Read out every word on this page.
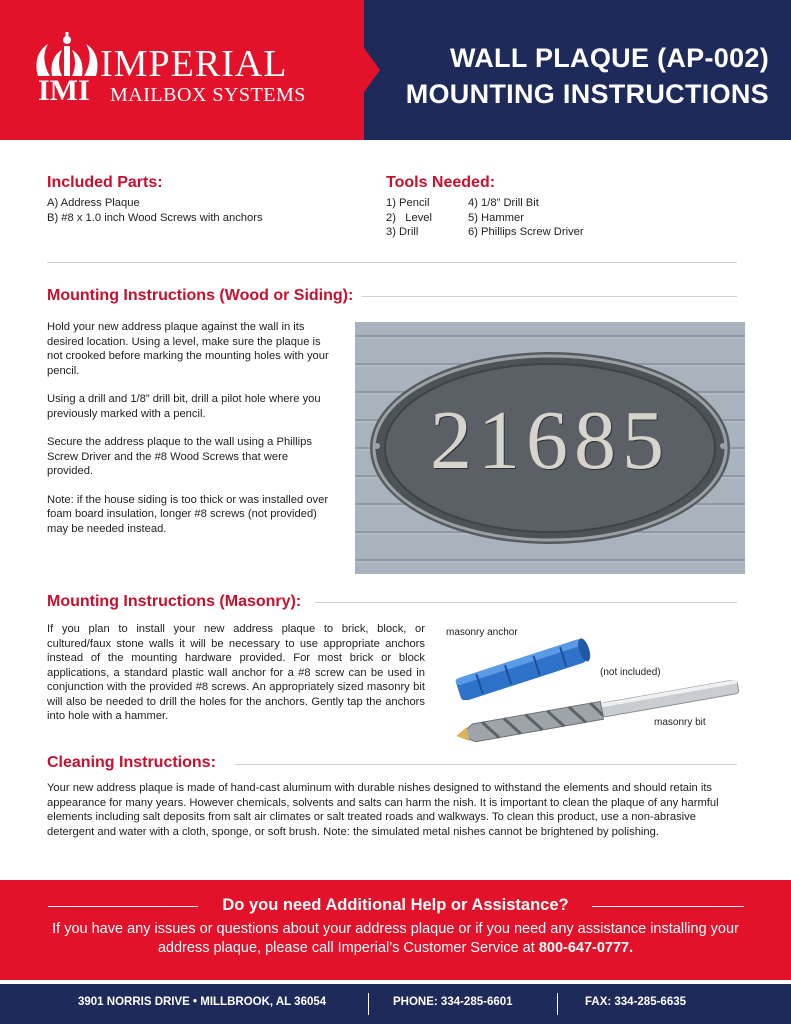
IMPERIAL
IMI MAILBOX SYSTEMS
WALL PLAQUE (AP-002)
MOUNTING INSTRUCTIONS
Included Parts:
A) Address Plaque
B) #8 x 1.0 inch Wood Screws with anchors
Tools Needed:
1) Pencil	4) 1/8” Drill Bit
2)   Level	5) Hammer
3) Drill	6) Phillips Screw Driver
Mounting Instructions (Wood or Siding):

Hold your new address plaque against the wall in its desired location. Using a level, make sure the plaque is not crooked before marking the mounting holes with your pencil.

Using a drill and 1/8” drill bit, drill a pilot hole where you previously marked with a pencil.

Secure the address plaque to the wall using a Phillips Screw Driver and the #8 Wood Screws that were provided.

Note: if the house siding is too thick or was installed over foam board insulation, longer #8 screws (not provided) may be needed instead.

21685
Mounting Instructions (Masonry):
If you plan to install your new address plaque to brick, block, or cultured/faux stone walls it will be necessary to use appropriate anchors instead of the mounting hardware provided. For most brick or block applications, a standard plastic wall anchor for a #8 screw can be used in conjunction with the provided #8 screws. An appropriately sized masonry bit will also be needed to drill the holes for the anchors. Gently tap the anchors into hole with a hammer.
masonry anchor
(not included)
masonry bit
Cleaning Instructions:
Your new address plaque is made of hand-cast aluminum with durable nishes designed to withstand the elements and should retain its appearance for many years. However chemicals, solvents and salts can harm the nish. It is important to clean the plaque of any harmful elements including salt deposits from salt air climates or salt treated roads and walkways. To clean this product, use a non-abrasive detergent and water with a cloth, sponge, or soft brush. Note: the simulated metal nishes cannot be brightened by polishing.
Do you need Additional Help or Assistance?
If you have any issues or questions about your address plaque or if you need any assistance installing your address plaque, please call Imperial’s Customer Service at 800-647-0777.
3901 NORRIS DRIVE • MILLBROOK, AL 36054	PHONE: 334-285-6601	FAX: 334-285-6635
